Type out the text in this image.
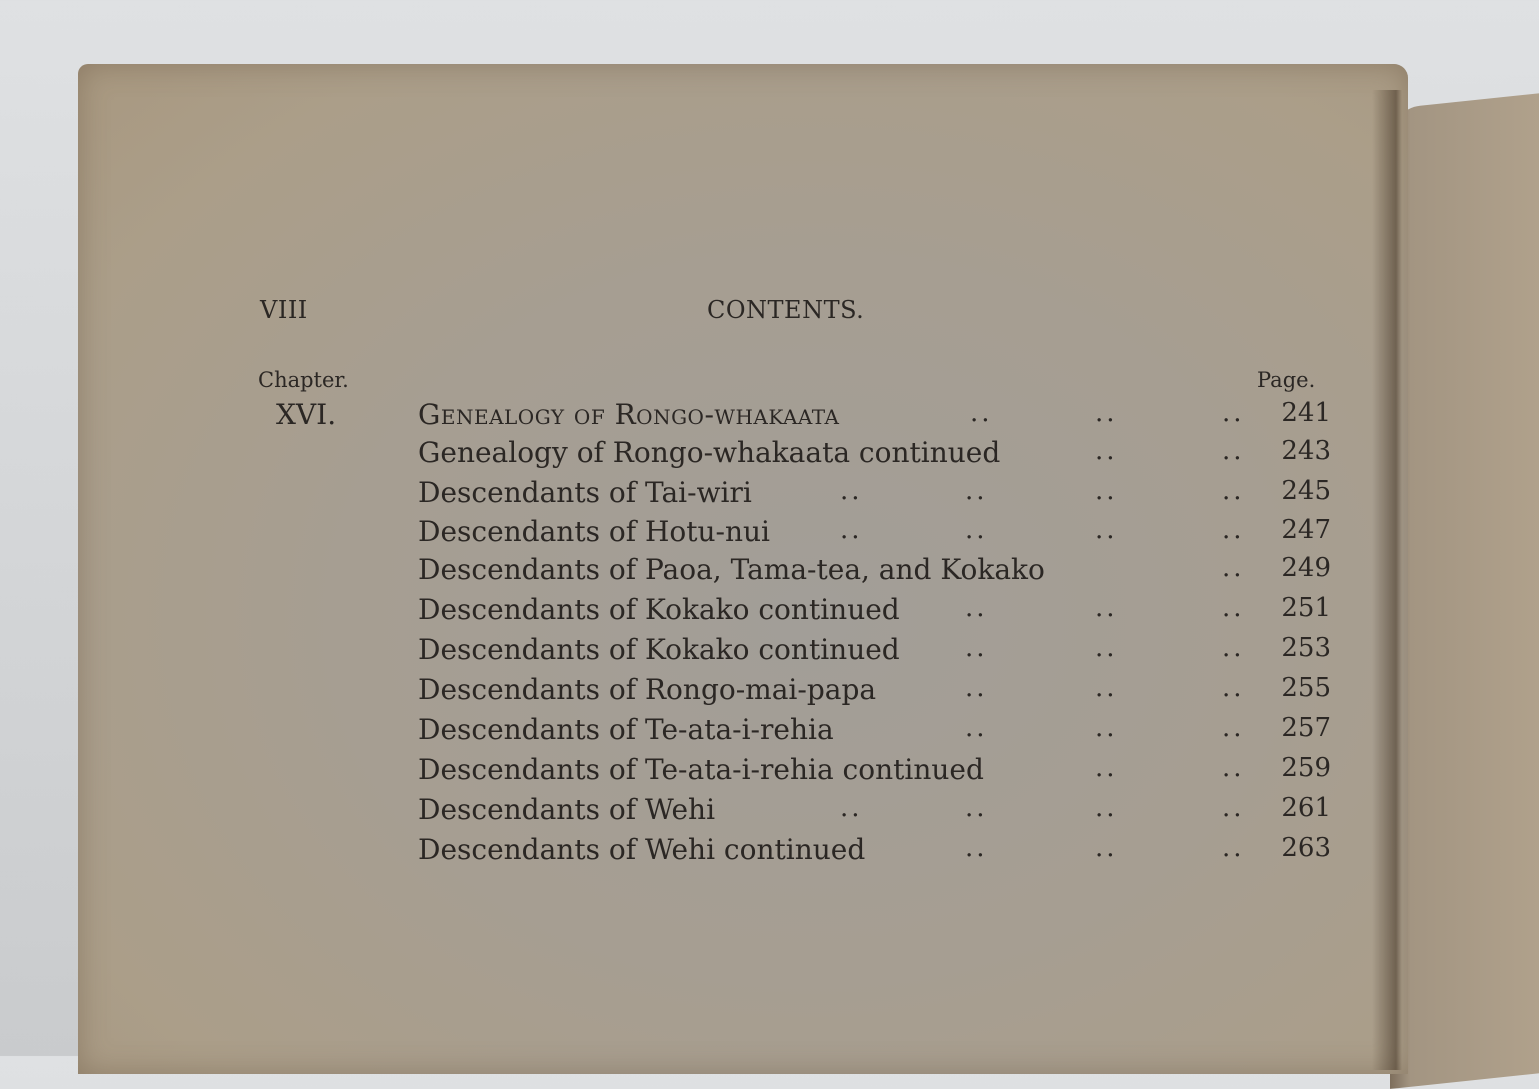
VIII	CONTENTS.
Chapter.	Page.
XVI.	Genealogy of Rongo-whakaata	..	..	.. 241
Genealogy of Rongo-whakaata continued	..	.. 243
Descendants of Tai-wiri	..	..	..	.. 245
Descendants of Hotu-nui	..	..	..	.. 247
Descendants of Paoa, Tama-tea, and Kokako	.. 249
Descendants of Kokako continued	..	..	.. 251
Descendants of Kokako continued	..	..	.. 253
Descendants of Rongo-mai-papa	..	..	.. 255
Descendants of Te-ata-i-rehia	..	..	.. 257
Descendants of Te-ata-i-rehia continued	..	.. 259
Descendants of Wehi	..	..	..	.. 261
Descendants of Wehi continued	..	..	.. 263
